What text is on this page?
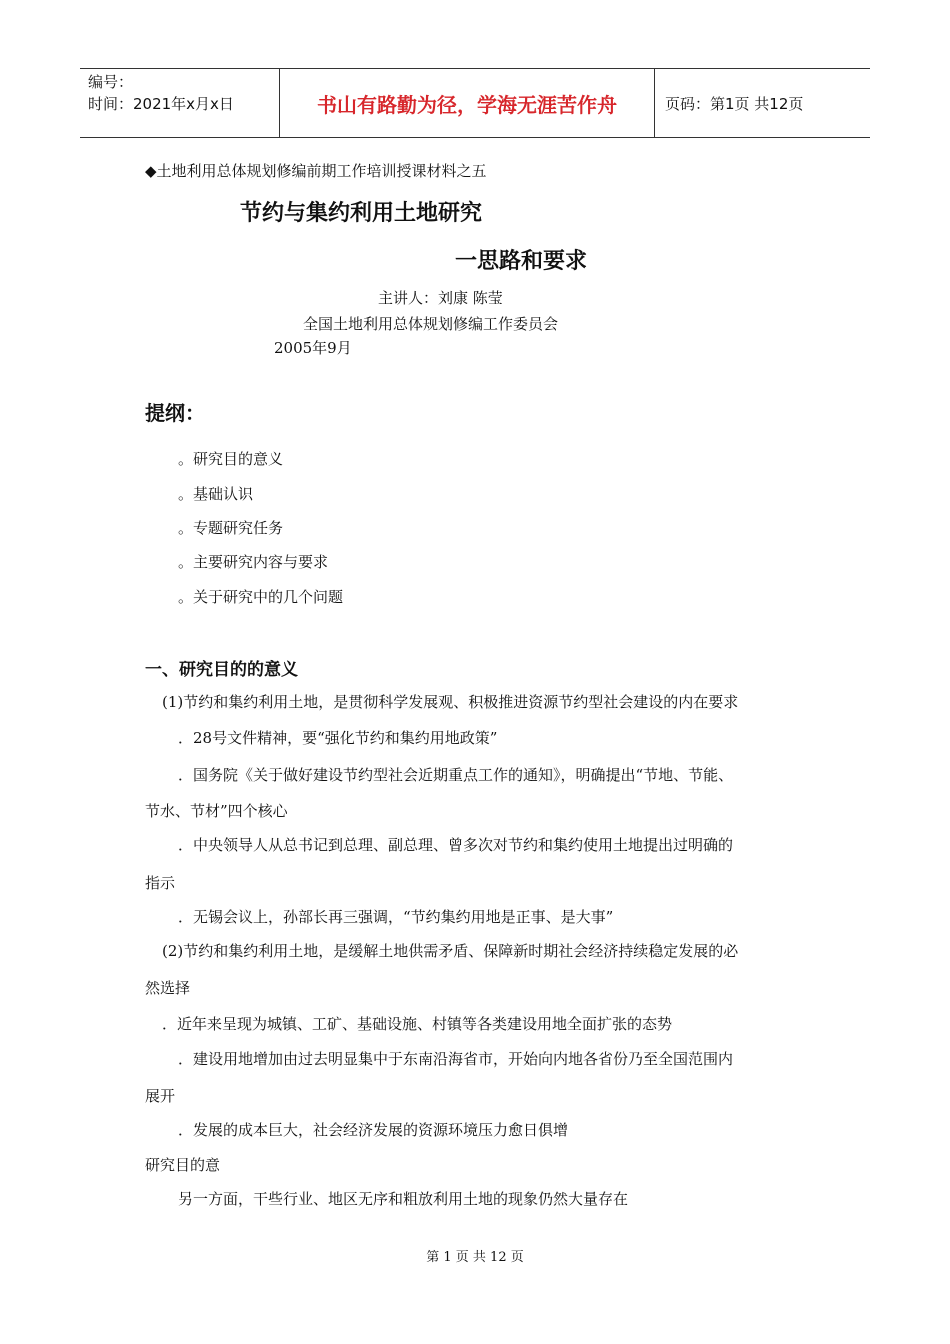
编号：
时间：2021年x月x日	书山有路勤为径，学海无涯苦作舟	页码：第1页 共12页
◆土地利用总体规划修编前期工作培训授课材料之五
节约与集约利用土地研究
一思路和要求
主讲人：刘康 陈莹
全国土地利用总体规划修编工作委员会
2005年9月
提纲：
。研究目的意义
。基础认识
。专题研究任务
。主要研究内容与要求
。关于研究中的几个问题
一、研究目的的意义
(1)节约和集约利用土地，是贯彻科学发展观、积极推进资源节约型社会建设的内在要求
．28号文件精神，要“强化节约和集约用地政策”
．国务院《关于做好建设节约型社会近期重点工作的通知》，明确提出“节地、节能、
节水、节材”四个核心
．中央领导人从总书记到总理、副总理、曾多次对节约和集约使用土地提出过明确的
指示
．无锡会议上，孙部长再三强调，“节约集约用地是正事、是大事”
(2)节约和集约利用土地，是缓解土地供需矛盾、保障新时期社会经济持续稳定发展的必
然选择
．近年来呈现为城镇、工矿、基础设施、村镇等各类建设用地全面扩张的态势
．建设用地增加由过去明显集中于东南沿海省市，开始向内地各省份乃至全国范围内
展开
．发展的成本巨大，社会经济发展的资源环境压力愈日俱增
研究目的意
另一方面，干些行业、地区无序和粗放利用土地的现象仍然大量存在
第 1 页 共 12 页
